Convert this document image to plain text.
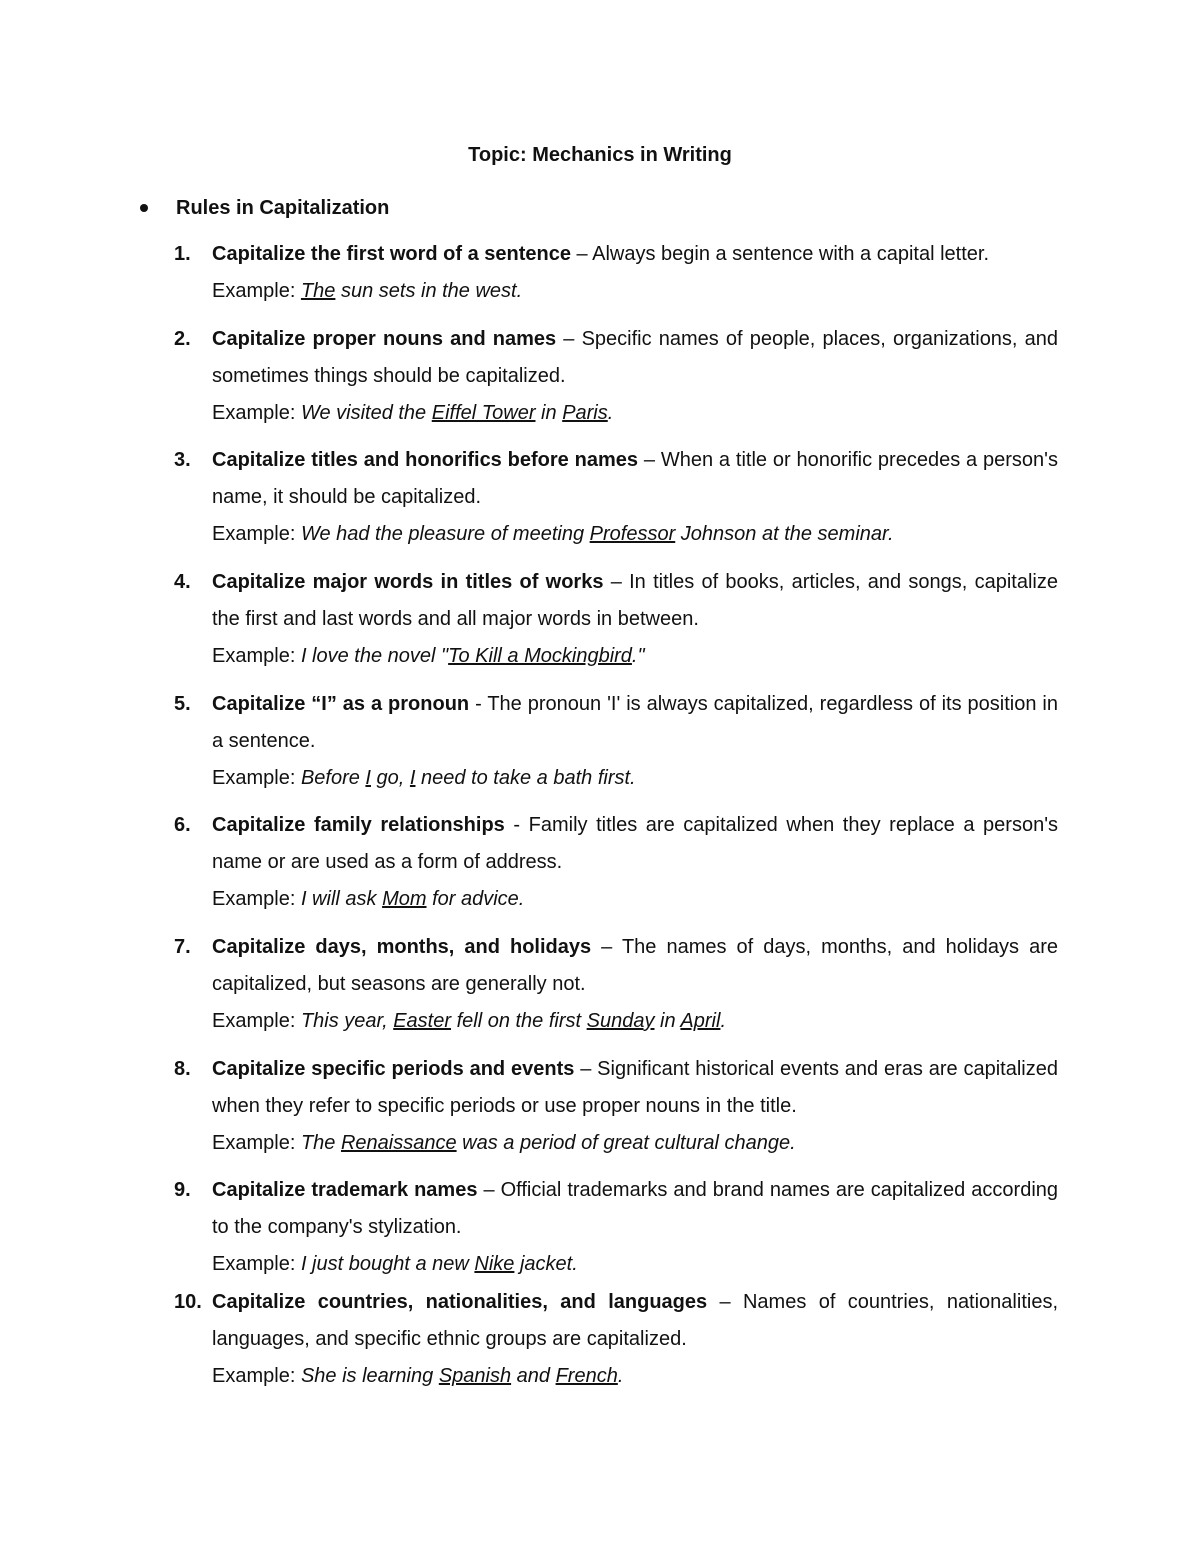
Topic: Mechanics in Writing
Rules in Capitalization
1. Capitalize the first word of a sentence – Always begin a sentence with a capital letter.
Example: The sun sets in the west.
2. Capitalize proper nouns and names – Specific names of people, places, organizations, and sometimes things should be capitalized.
Example: We visited the Eiffel Tower in Paris.
3. Capitalize titles and honorifics before names – When a title or honorific precedes a person's name, it should be capitalized.
Example: We had the pleasure of meeting Professor Johnson at the seminar.
4. Capitalize major words in titles of works – In titles of books, articles, and songs, capitalize the first and last words and all major words in between.
Example: I love the novel "To Kill a Mockingbird."
5. Capitalize “I” as a pronoun - The pronoun 'I' is always capitalized, regardless of its position in a sentence.
Example: Before I go, I need to take a bath first.
6. Capitalize family relationships - Family titles are capitalized when they replace a person's name or are used as a form of address.
Example: I will ask Mom for advice.
7. Capitalize days, months, and holidays – The names of days, months, and holidays are capitalized, but seasons are generally not.
Example: This year, Easter fell on the first Sunday in April.
8. Capitalize specific periods and events – Significant historical events and eras are capitalized when they refer to specific periods or use proper nouns in the title.
Example: The Renaissance was a period of great cultural change.
9. Capitalize trademark names – Official trademarks and brand names are capitalized according to the company's stylization.
Example: I just bought a new Nike jacket.
10. Capitalize countries, nationalities, and languages – Names of countries, nationalities, languages, and specific ethnic groups are capitalized.
Example: She is learning Spanish and French.
